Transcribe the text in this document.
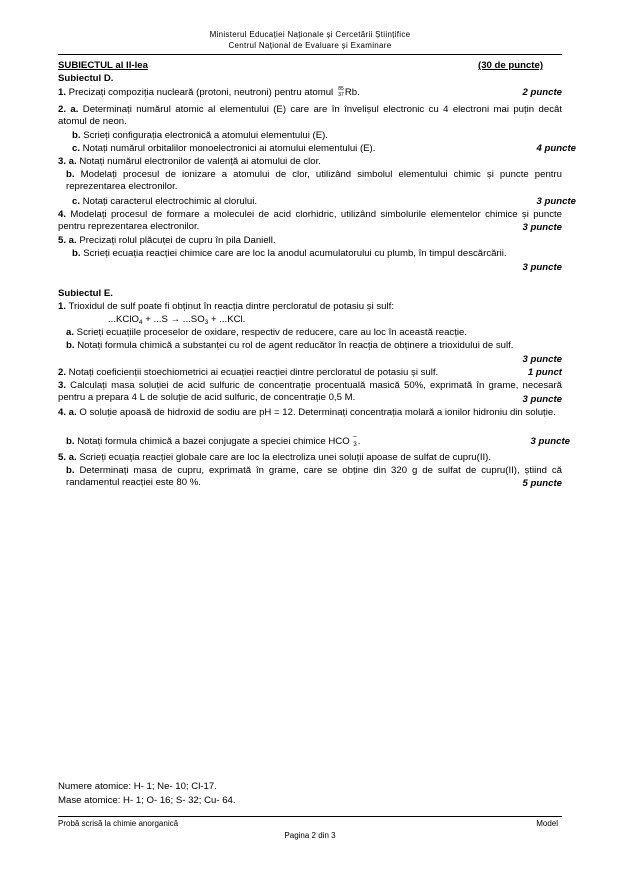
Ministerul Educației Naționale și Cercetării Științifice
Centrul Național de Evaluare și Examinare
SUBIECTUL al II-lea	(30 de puncte)
Subiectul D.
1. Precizați compoziția nucleară (protoni, neutroni) pentru atomul 85
37 Rb.	2 puncte
2. a. Determinați numărul atomic al elementului (E) care are în învelișul electronic cu 4 electroni mai puțin decât atomul de neon.
b. Scrieți configurația electronică a atomului elementului (E).
c. Notați numărul orbitalilor monoelectronici ai atomului elementului (E).	4 puncte
3. a. Notați numărul electronilor de valență ai atomului de clor.
b. Modelați procesul de ionizare a atomului de clor, utilizând simbolul elementului chimic și puncte pentru reprezentarea electronilor.
c. Notați caracterul electrochimic al clorului.	3 puncte
4. Modelați procesul de formare a moleculei de acid clorhidric, utilizând simbolurile elementelor chimice și puncte pentru reprezentarea electronilor.	3 puncte
5. a. Precizați rolul plăcuței de cupru în pila Daniell.
b. Scrieți ecuația reacției chimice care are loc la anodul acumulatorului cu plumb, în timpul descărcării.
3 puncte
Subiectul E.
1. Trioxidul de sulf poate fi obținut în reacția dintre percloratul de potasiu și sulf:
...KClO$_4$ + $...S \to ...SO_3 + ...KCl$.
a. Scrieți ecuațiile proceselor de oxidare, respectiv de reducere, care au loc în această reacție.
b. Notați formula chimică a substanței cu rol de agent reducător în reacția de obținere a trioxidului de sulf.
3 puncte
2. Notați coeficienții stoechiometrici ai ecuației reacției dintre percloratul de potasiu și sulf.	1 punct
3. Calculați masa soluției de acid sulfuric de concentrație procentuală masică 50%, exprimată în grame, necesară pentru a prepara 4 L de soluție de acid sulfuric, de concentrație 0,5 M.	3 puncte
4. a. O soluție apoasă de hidroxid de sodiu are pH = 12. Determinați concentrația molară a ionilor hidroniu din soluție.
b. Notați formula chimică a bazei conjugate a speciei chimice HCO −
3 .	3 puncte
5. a. Scrieți ecuația reacției globale care are loc la electroliza unei soluții apoase de sulfat de cupru(II).
b. Determinați masa de cupru, exprimată în grame, care se obține din 320 g de sulfat de cupru(II), știind că randamentul reacției este 80 %.	5 puncte
Numere atomice: H- 1; Ne- 10; Cl-17.
Mase atomice: H- 1; O- 16; S- 32; Cu- 64.
Probă scrisă la chimie anorganică	Model
Pagina 2 din 3
